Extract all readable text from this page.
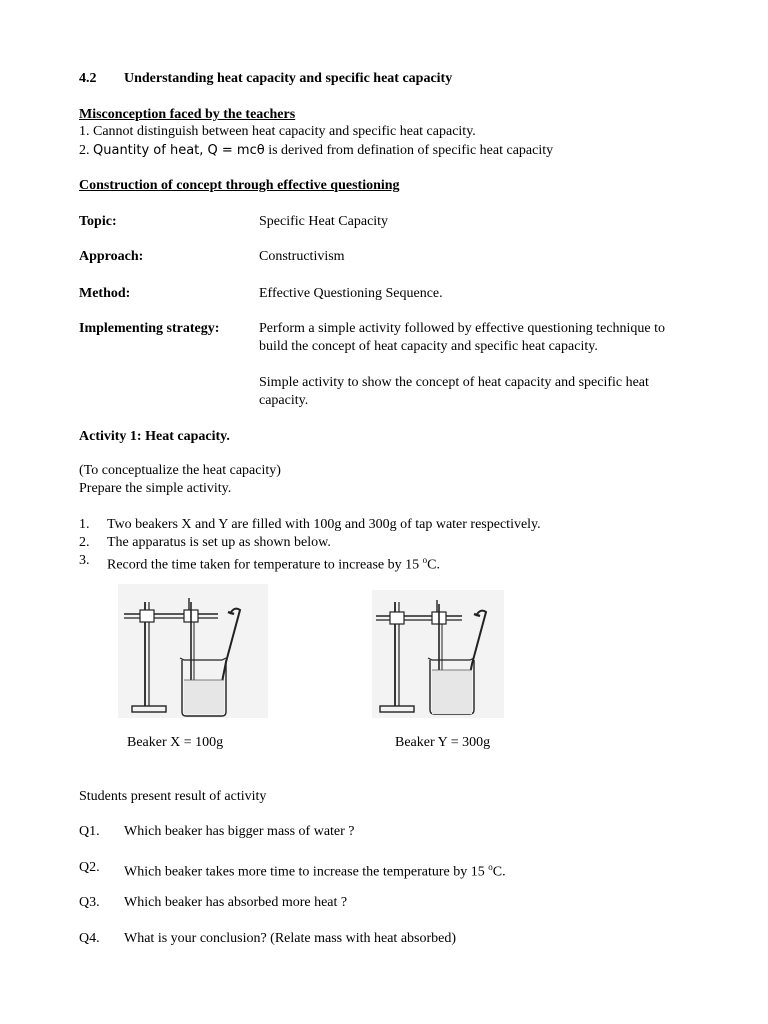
4.2 Understanding heat capacity and specific heat capacity
Misconception faced by the teachers
1. Cannot distinguish between heat capacity and specific heat capacity.
2. Quantity of heat, Q = mcθ is derived from defination of specific heat capacity
Construction of concept through effective questioning
Topic:	Specific Heat Capacity
Approach:	Constructivism
Method:	Effective Questioning Sequence.
Implementing strategy:	Perform a simple activity followed by effective questioning technique to
build the concept of heat capacity and specific heat capacity.
Simple activity to show the concept of heat capacity and specific heat
capacity.
Activity 1: Heat capacity.
(To conceptualize the heat capacity)
Prepare the simple activity.
1. Two beakers X and Y are filled with 100g and 300g of tap water respectively.
2. The apparatus is set up as shown below.
3. Record the time taken for temperature to increase by 15 $^o$C.
Beaker X = 100g	Beaker Y = 300g
Students present result of activity
Q1. Which beaker has bigger mass of water ?
Q2. Which beaker takes more time to increase the temperature by 15 $^o$C.
Q3. Which beaker has absorbed more heat ?
Q4. What is your conclusion? (Relate mass with heat absorbed)
